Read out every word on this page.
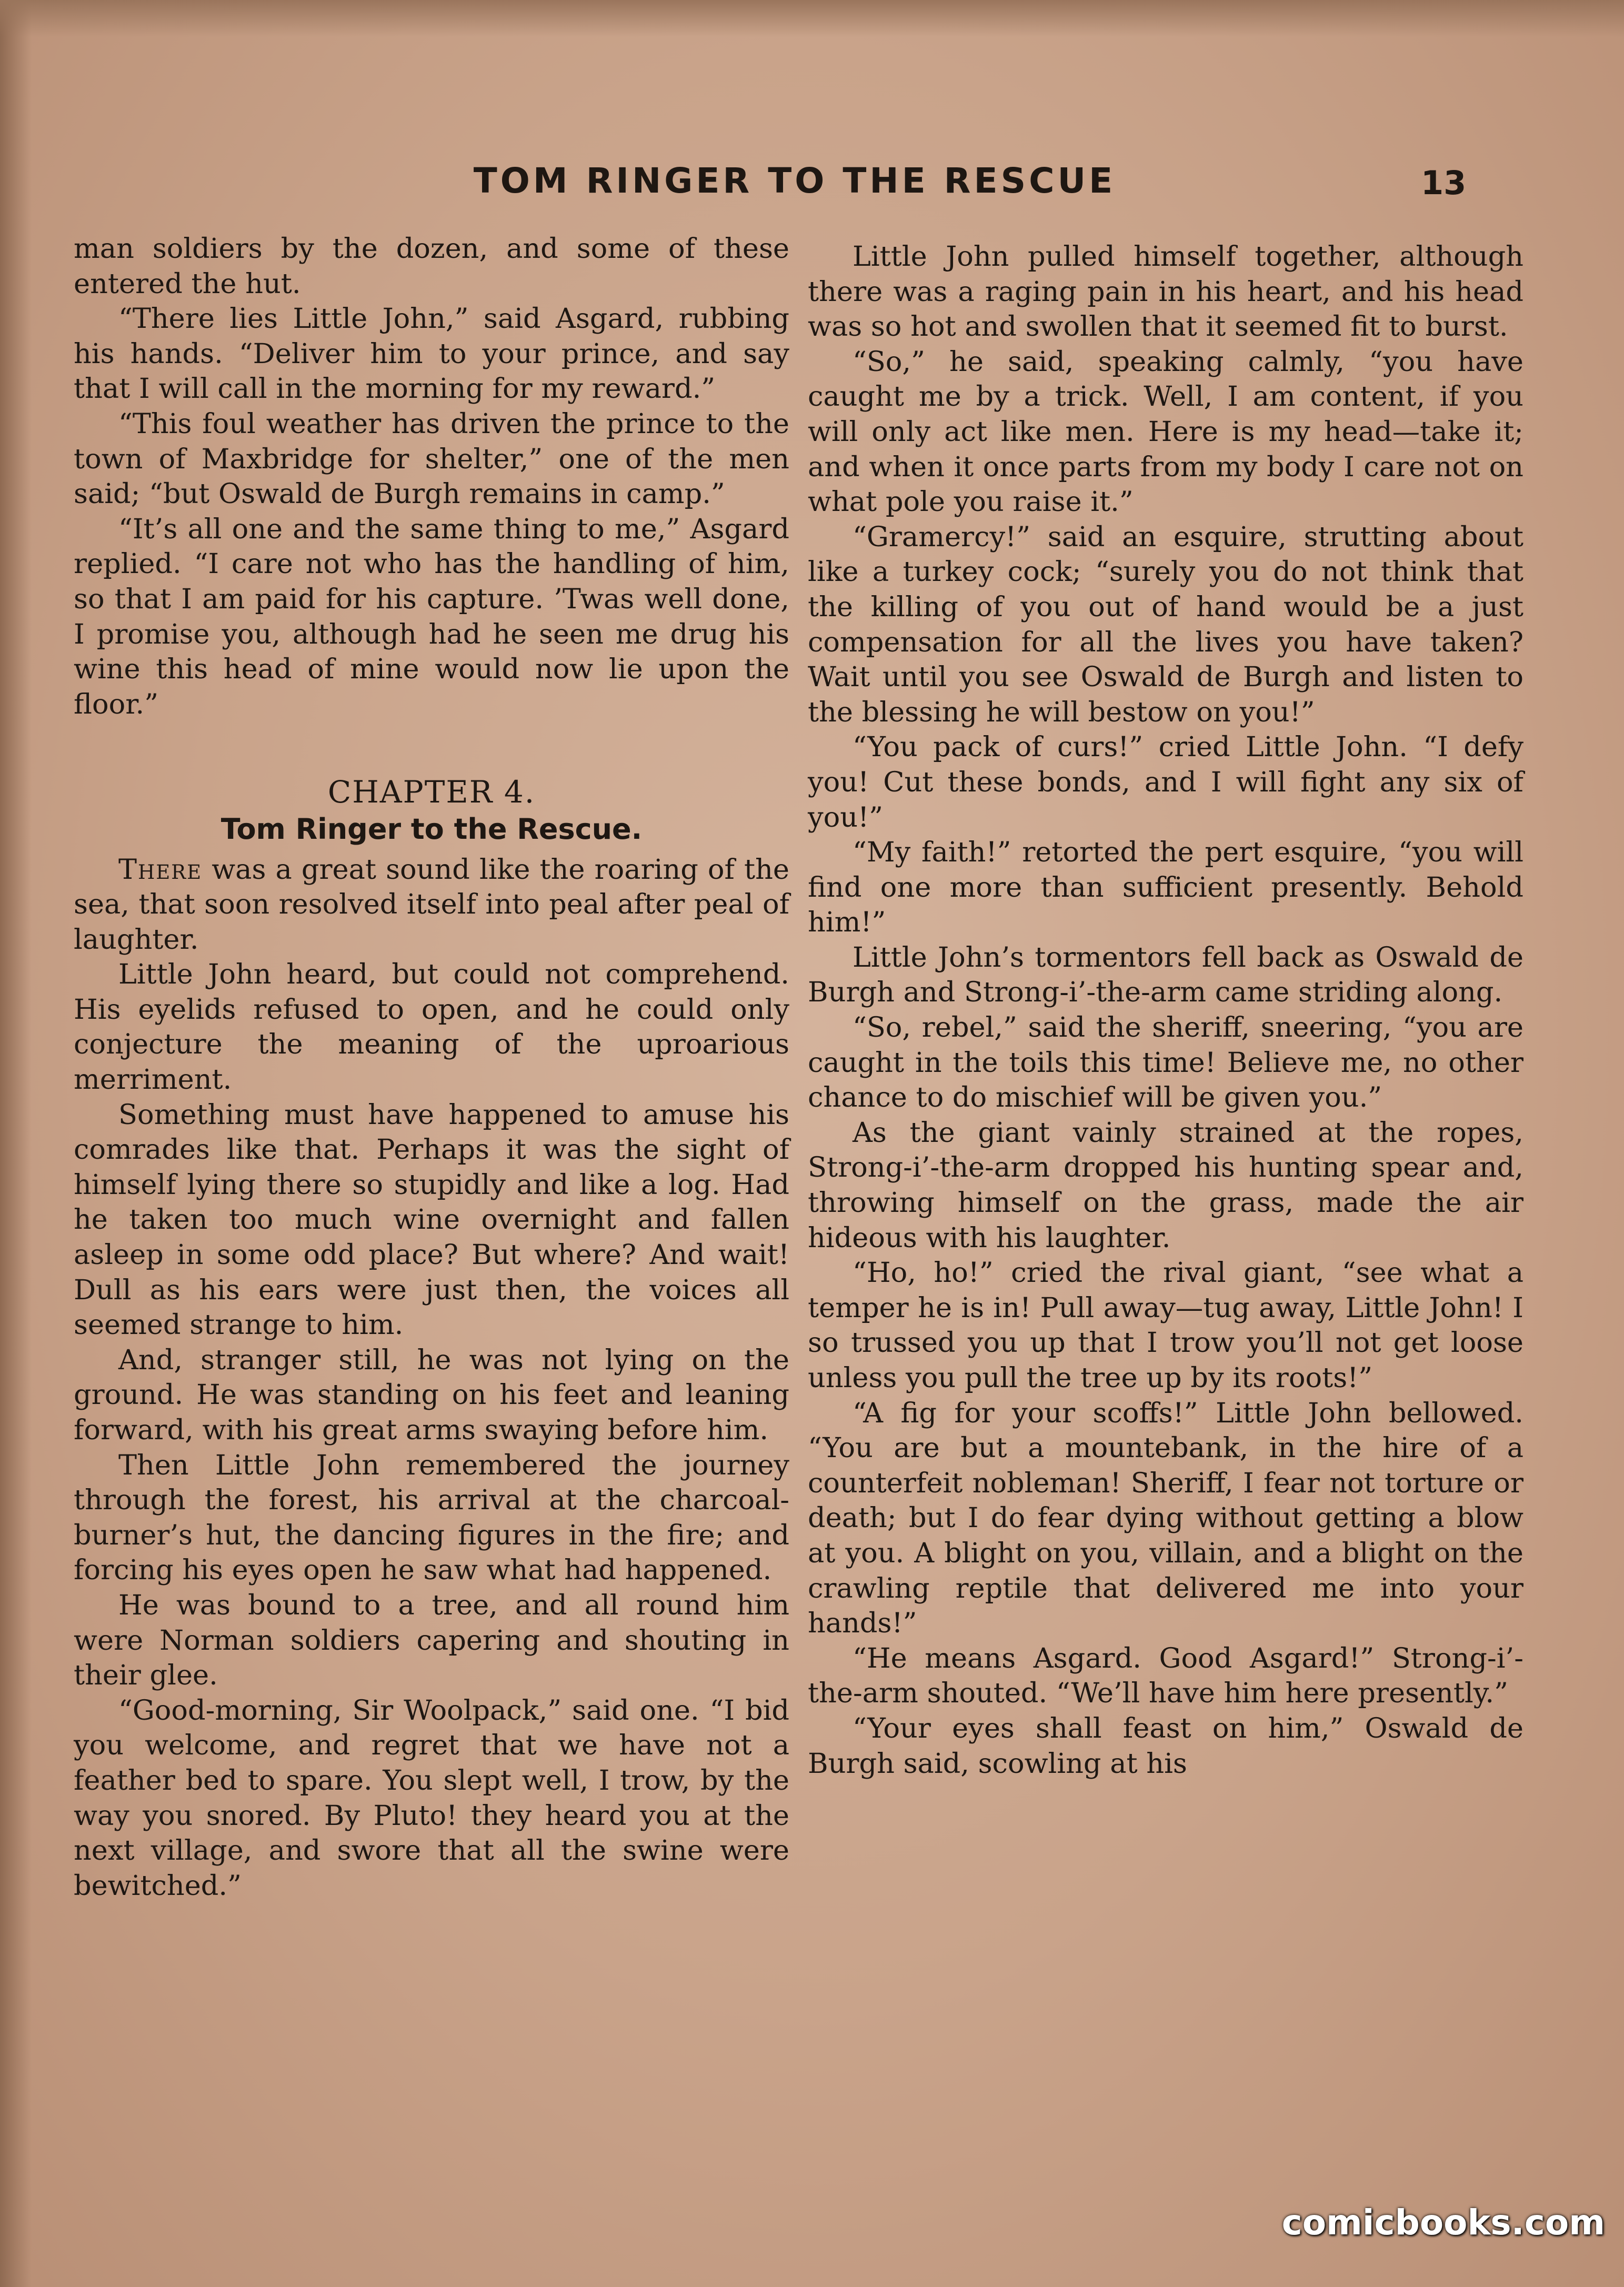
TOM RINGER TO THE RESCUE	13

man soldiers by the dozen, and some of these entered the hut.

“There lies Little John,” said Asgard, rubbing his hands. “Deliver him to your prince, and say that I will call in the morning for my reward.”

“This foul weather has driven the prince to the town of Maxbridge for shelter,” one of the men said; “but Oswald de Burgh remains in camp.”

“It’s all one and the same thing to me,” Asgard replied. “I care not who has the handling of him, so that I am paid for his capture. ’Twas well done, I promise you, although had he seen me drug his wine this head of mine would now lie upon the floor.”

CHAPTER 4.
Tom Ringer to the Rescue.

There was a great sound like the roaring of the sea, that soon resolved itself into peal after peal of laughter.

Little John heard, but could not comprehend. His eyelids refused to open, and he could only conjecture the meaning of the uproarious merriment.

Something must have happened to amuse his comrades like that. Perhaps it was the sight of himself lying there so stupidly and like a log. Had he taken too much wine overnight and fallen asleep in some odd place? But where? And wait! Dull as his ears were just then, the voices all seemed strange to him.

And, stranger still, he was not lying on the ground. He was standing on his feet and leaning forward, with his great arms swaying before him.

Then Little John remembered the journey through the forest, his arrival at the charcoal-burner’s hut, the dancing figures in the fire; and forcing his eyes open he saw what had happened.

He was bound to a tree, and all round him were Norman soldiers capering and shouting in their glee.

“Good-morning, Sir Woolpack,” said one. “I bid you welcome, and regret that we have not a feather bed to spare. You slept well, I trow, by the way you snored. By Pluto! they heard you at the next village, and swore that all the swine were bewitched.”

Little John pulled himself together, although there was a raging pain in his heart, and his head was so hot and swollen that it seemed fit to burst.

“So,” he said, speaking calmly, “you have caught me by a trick. Well, I am content, if you will only act like men. Here is my head—take it; and when it once parts from my body I care not on what pole you raise it.”

“Gramercy!” said an esquire, strutting about like a turkey cock; “surely you do not think that the killing of you out of hand would be a just compensation for all the lives you have taken? Wait until you see Oswald de Burgh and listen to the blessing he will bestow on you!”

“You pack of curs!” cried Little John. “I defy you! Cut these bonds, and I will fight any six of you!”

“My faith!” retorted the pert esquire, “you will find one more than sufficient presently. Behold him!”

Little John’s tormentors fell back as Oswald de Burgh and Strong-i’-the-arm came striding along.

“So, rebel,” said the sheriff, sneering, “you are caught in the toils this time! Believe me, no other chance to do mischief will be given you.”

As the giant vainly strained at the ropes, Strong-i’-the-arm dropped his hunting spear and, throwing himself on the grass, made the air hideous with his laughter.

“Ho, ho!” cried the rival giant, “see what a temper he is in! Pull away—tug away, Little John! I so trussed you up that I trow you’ll not get loose unless you pull the tree up by its roots!”

“A fig for your scoffs!” Little John bellowed. “You are but a mountebank, in the hire of a counterfeit nobleman! Sheriff, I fear not torture or death; but I do fear dying without getting a blow at you. A blight on you, villain, and a blight on the crawling reptile that delivered me into your hands!”

“He means Asgard. Good Asgard!” Strong-i’-the-arm shouted. “We’ll have him here presently.”

“Your eyes shall feast on him,” Oswald de Burgh said, scowling at his

comicbooks.com
